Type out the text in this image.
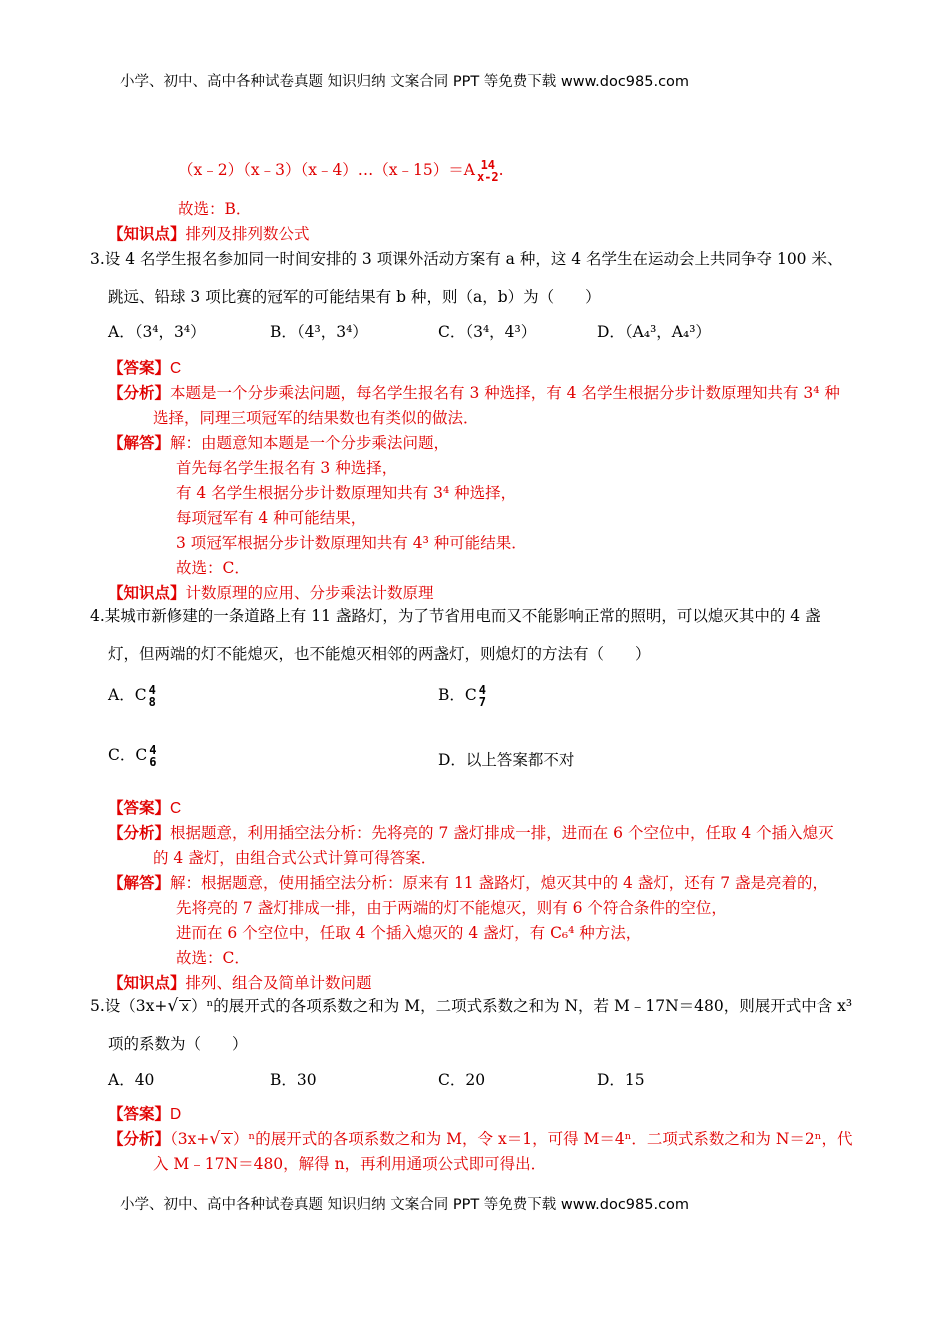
小学、初中、高中各种试卷真题 知识归纳 文案合同 PPT 等免费下载 www.doc985.com
（x﹣2）（x﹣3）（x﹣4）…（x﹣15）＝A 14
x-2 .
故选：B．
【知识点】排列及排列数公式
3.设 4 名学生报名参加同一时间安排的 3 项课外活动方案有 a 种，这 4 名学生在运动会上共同争夺 100 米、
跳远、铅球 3 项比赛的冠军的可能结果有 b 种，则（a，b）为（　　）
A．（3⁴，3⁴）	B．（4³，3⁴）	C．（3⁴，4³）	D．（A₄³，A₄³）
【答案】C
【分析】本题是一个分步乘法问题，每名学生报名有 3 种选择，有 4 名学生根据分步计数原理知共有 3⁴ 种
选择，同理三项冠军的结果数也有类似的做法．
【解答】解：由题意知本题是一个分步乘法问题，
首先每名学生报名有 3 种选择，
有 4 名学生根据分步计数原理知共有 3⁴ 种选择，
每项冠军有 4 种可能结果，
3 项冠军根据分步计数原理知共有 4³ 种可能结果．
故选：C．
【知识点】计数原理的应用、分步乘法计数原理
4.某城市新修建的一条道路上有 11 盏路灯，为了节省用电而又不能影响正常的照明，可以熄灭其中的 4 盏
灯，但两端的灯不能熄灭，也不能熄灭相邻的两盏灯，则熄灯的方法有（　　）
A．C 4
8	B．C 4
7
C．C 4
6	D．以上答案都不对
【答案】C
【分析】根据题意，利用插空法分析：先将亮的 7 盏灯排成一排，进而在 6 个空位中，任取 4 个插入熄灭
的 4 盏灯，由组合式公式计算可得答案．
【解答】解：根据题意，使用插空法分析：原来有 11 盏路灯，熄灭其中的 4 盏灯，还有 7 盏是亮着的，
先将亮的 7 盏灯排成一排，由于两端的灯不能熄灭，则有 6 个符合条件的空位，
进而在 6 个空位中，任取 4 个插入熄灭的 4 盏灯，有 C₆⁴ 种方法，
故选：C．
【知识点】排列、组合及简单计数问题
5.设（3x+√ x ）ⁿ的展开式的各项系数之和为 M，二项式系数之和为 N，若 M﹣17N＝480，则展开式中含 x³
项的系数为（　　）
A．40	B．30	C．20	D．15
【答案】D
【分析】（3x+√ x ）ⁿ的展开式的各项系数之和为 M，令 x＝1，可得 M＝4ⁿ．二项式系数之和为 N＝2ⁿ，代
入 M﹣17N＝480，解得 n，再利用通项公式即可得出．
小学、初中、高中各种试卷真题 知识归纳 文案合同 PPT 等免费下载 www.doc985.com
